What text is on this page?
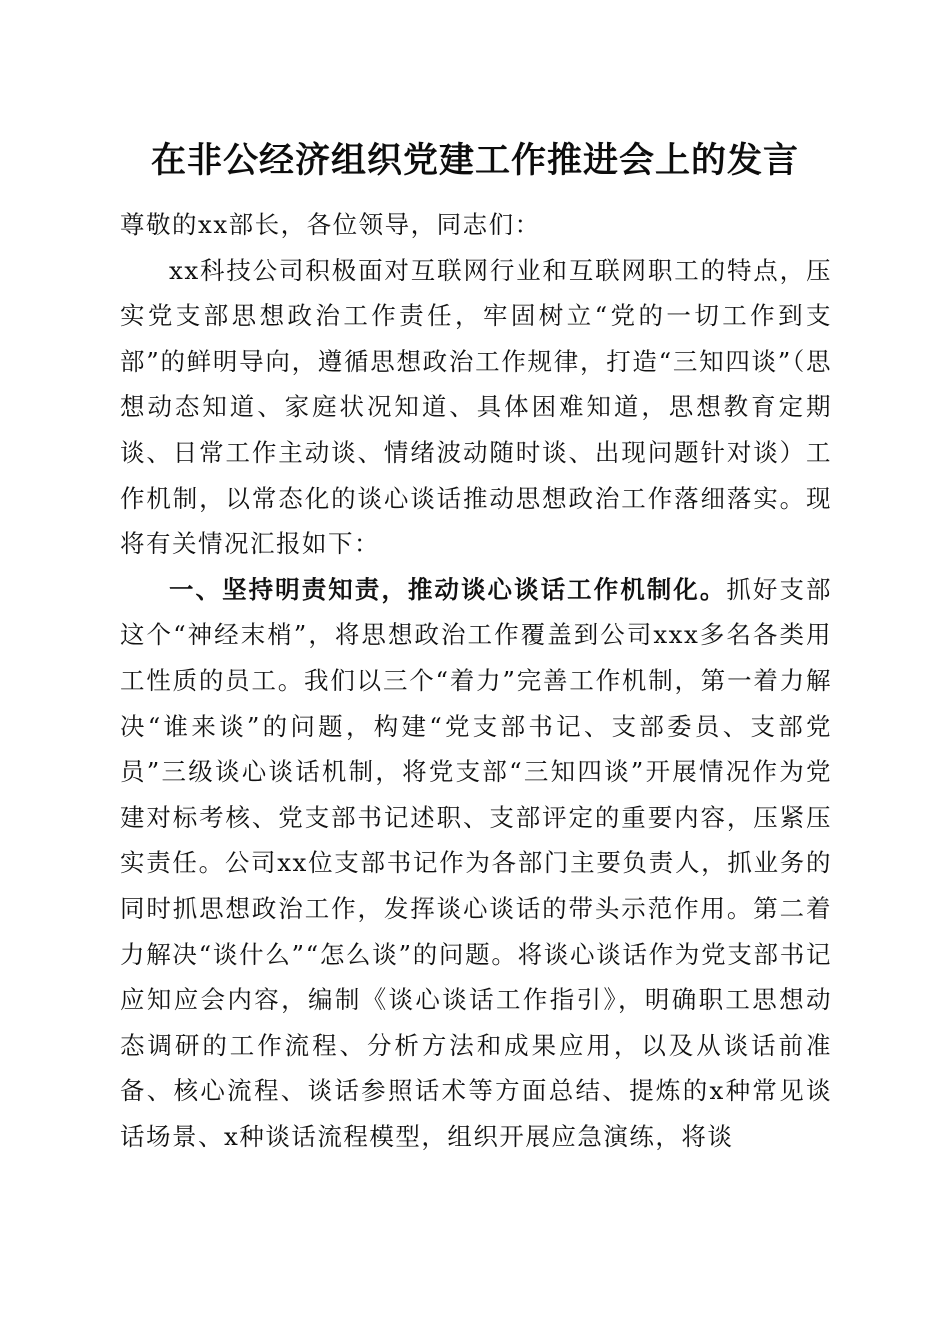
在非公经济组织党建工作推进会上的发言

尊敬的xx部长，各位领导，同志们：

xx科技公司积极面对互联网行业和互联网职工的特点，压实党支部思想政治工作责任，牢固树立“党的一切工作到支部”的鲜明导向，遵循思想政治工作规律，打造“三知四谈”（思想动态知道、家庭状况知道、具体困难知道，思想教育定期谈、日常工作主动谈、情绪波动随时谈、出现问题针对谈）工作机制，以常态化的谈心谈话推动思想政治工作落细落实。现将有关情况汇报如下：

一、坚持明责知责，推动谈心谈话工作机制化。抓好支部这个“神经末梢”，将思想政治工作覆盖到公司xxx多名各类用工性质的员工。我们以三个“着力”完善工作机制，第一着力解决“谁来谈”的问题，构建“党支部书记、支部委员、支部党员”三级谈心谈话机制，将党支部“三知四谈”开展情况作为党建对标考核、党支部书记述职、支部评定的重要内容，压紧压实责任。公司xx位支部书记作为各部门主要负责人，抓业务的同时抓思想政治工作，发挥谈心谈话的带头示范作用。第二着力解决“谈什么”“怎么谈”的问题。将谈心谈话作为党支部书记应知应会内容，编制《谈心谈话工作指引》，明确职工思想动态调研的工作流程、分析方法和成果应用，以及从谈话前准备、核心流程、谈话参照话术等方面总结、提炼的x种常见谈话场景、x种谈话流程模型，组织开展应急演练，将谈
